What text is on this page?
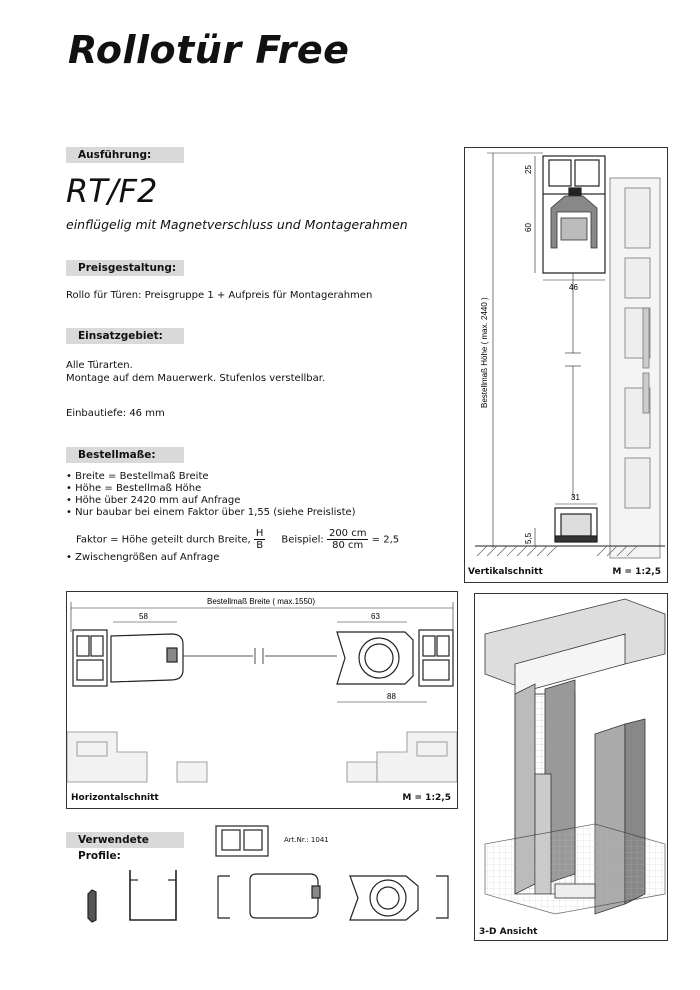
Rollotür Free
Ausführung:
RT/F2
einflügelig mit Magnetverschluss und Montagerahmen
Preisgestaltung:
Rollo für Türen: Preisgruppe 1 + Aufpreis für Montagerahmen
Einsatzgebiet:
Alle Türarten.
Montage auf dem Mauerwerk. Stufenlos verstellbar.
Einbautiefe: 46 mm
Bestellmaße:
• Breite = Bestellmaß Breite
• Höhe = Bestellmaß Höhe
• Höhe über 2420 mm auf Anfrage
• Nur baubar bei einem Faktor über 1,55 (siehe Preisliste)
Faktor = Höhe geteilt durch Breite, $\frac{H}{B}$ Beispiel: $\frac{200 cm}{80 cm} = 2,5$
• Zwischengrößen auf Anfrage
25
60
46
31
5,5
Bestellmaß Höhe ( max. 2440 )
Vertikalschnitt	M = 1:2,5
Bestellmaß Breite ( max.1550)
58	63
88
Horizontalschnitt	M = 1:2,5
3-D Ansicht
Verwendete Profile:
Art.Nr.: 1041
